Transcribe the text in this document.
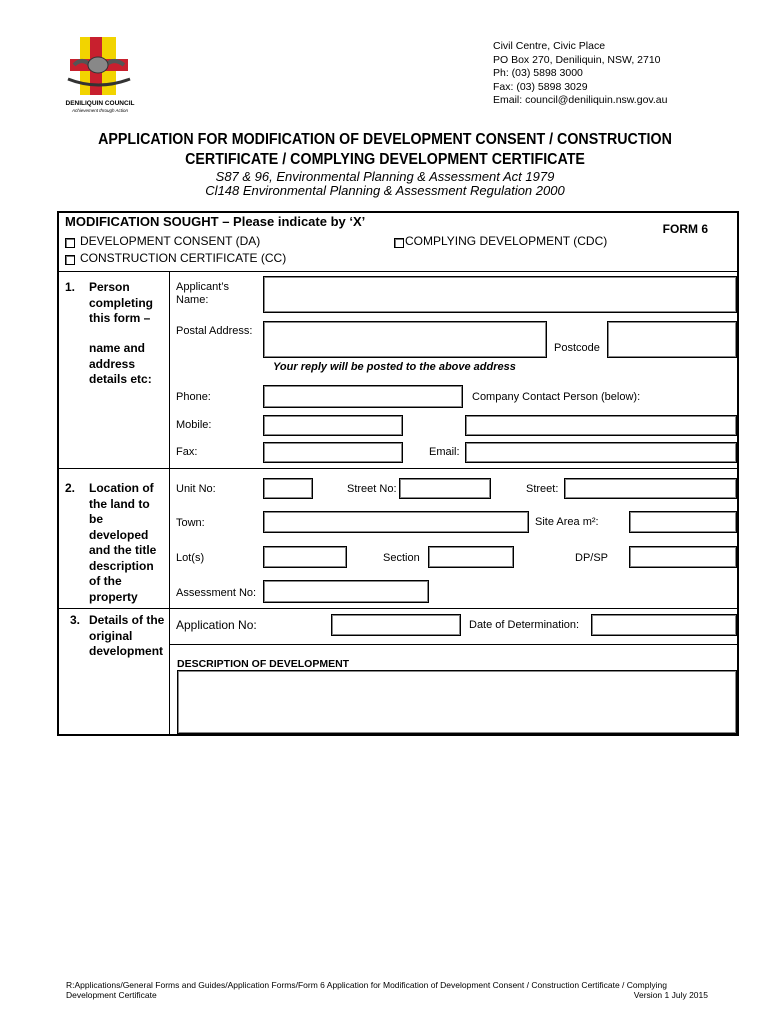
DENILIQUIN COUNCIL
Achievement through Action
Civil Centre, Civic Place
PO Box 270, Deniliquin, NSW, 2710
Ph: (03) 5898 3000
Fax: (03) 5898 3029
Email: council@deniliquin.nsw.gov.au
APPLICATION FOR MODIFICATION OF DEVELOPMENT CONSENT / CONSTRUCTION
CERTIFICATE / COMPLYING DEVELOPMENT CERTIFICATE
S87 & 96, Environmental Planning & Assessment Act 1979
Cl148 Environmental Planning & Assessment Regulation 2000
FORM 6
MODIFICATION SOUGHT – Please indicate by ‘X’
DEVELOPMENT CONSENT (DA)	COMPLYING DEVELOPMENT (CDC)
CONSTRUCTION CERTIFICATE (CC)
1. Person completing this form –
name and address details etc:
Applicant’s Name:
Postal Address:
Postcode
Your reply will be posted to the above address
Phone:	Company Contact Person (below):
Mobile:
Fax:	Email:
2. Location of the land to be developed and the title description of the property
Unit No:	Street No:	Street:
Town:	Site Area m²:
Lot(s)	Section	DP/SP
Assessment No:
3. Details of the original development
Application No:	Date of Determination:
DESCRIPTION OF DEVELOPMENT
R:Applications/General Forms and Guides/Application Forms/Form 6 Application for Modification of Development Consent / Construction Certificate / Complying Development Certificate	Version 1 July 2015
